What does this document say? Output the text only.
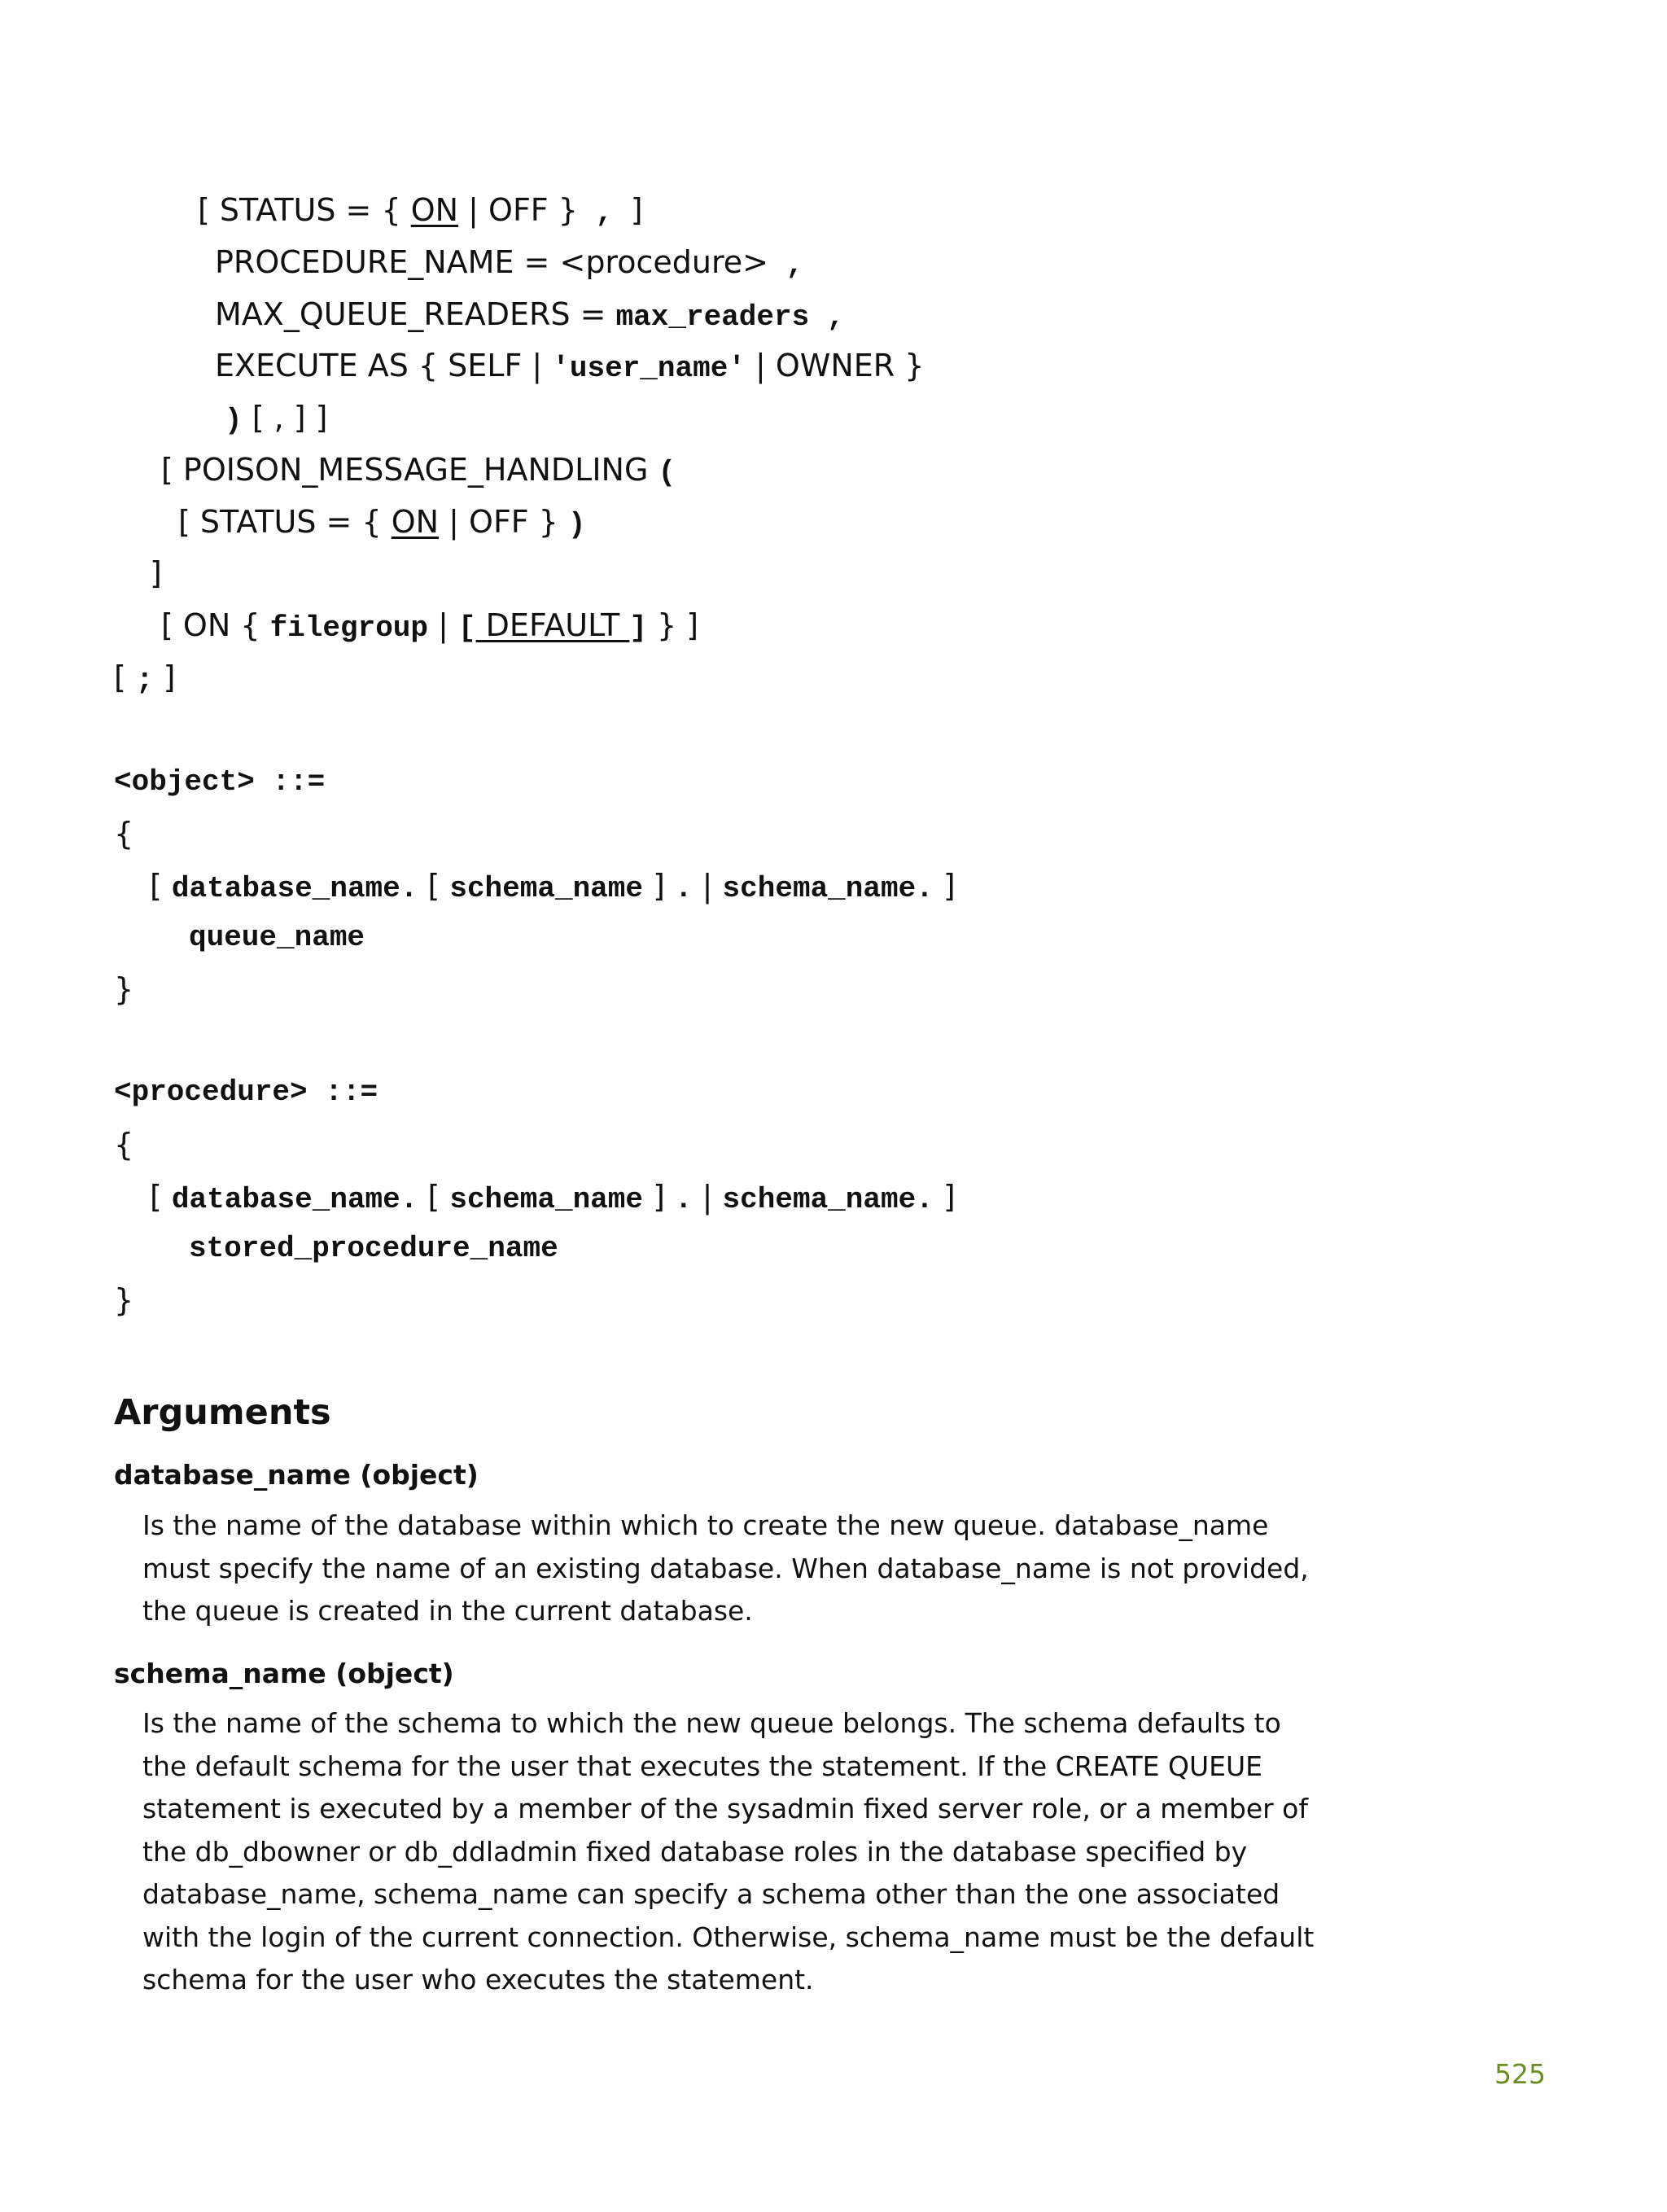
[ STATUS = { ON | OFF } , ]
PROCEDURE_NAME = <procedure> ,
MAX_QUEUE_READERS = max_readers ,
EXECUTE AS { SELF | 'user_name' | OWNER }
) [ , ] ]
[ POISON_MESSAGE_HANDLING (
[ STATUS = { ON | OFF } )
]
[ ON { filegroup | [ DEFAULT ] } ]
[ ; ]
<object> ::=
{
[ database_name. [ schema_name ] . | schema_name. ]
queue_name
}
<procedure> ::=
{
[ database_name. [ schema_name ] . | schema_name. ]
stored_procedure_name
}
Arguments
database_name (object)

Is the name of the database within which to create the new queue. database_name must specify the name of an existing database. When database_name is not provided, the queue is created in the current database.

schema_name (object)

Is the name of the schema to which the new queue belongs. The schema defaults to the default schema for the user that executes the statement. If the CREATE QUEUE statement is executed by a member of the sysadmin fixed server role, or a member of the db_dbowner or db_ddladmin fixed database roles in the database specified by database_name, schema_name can specify a schema other than the one associated with the login of the current connection. Otherwise, schema_name must be the default schema for the user who executes the statement.

525
